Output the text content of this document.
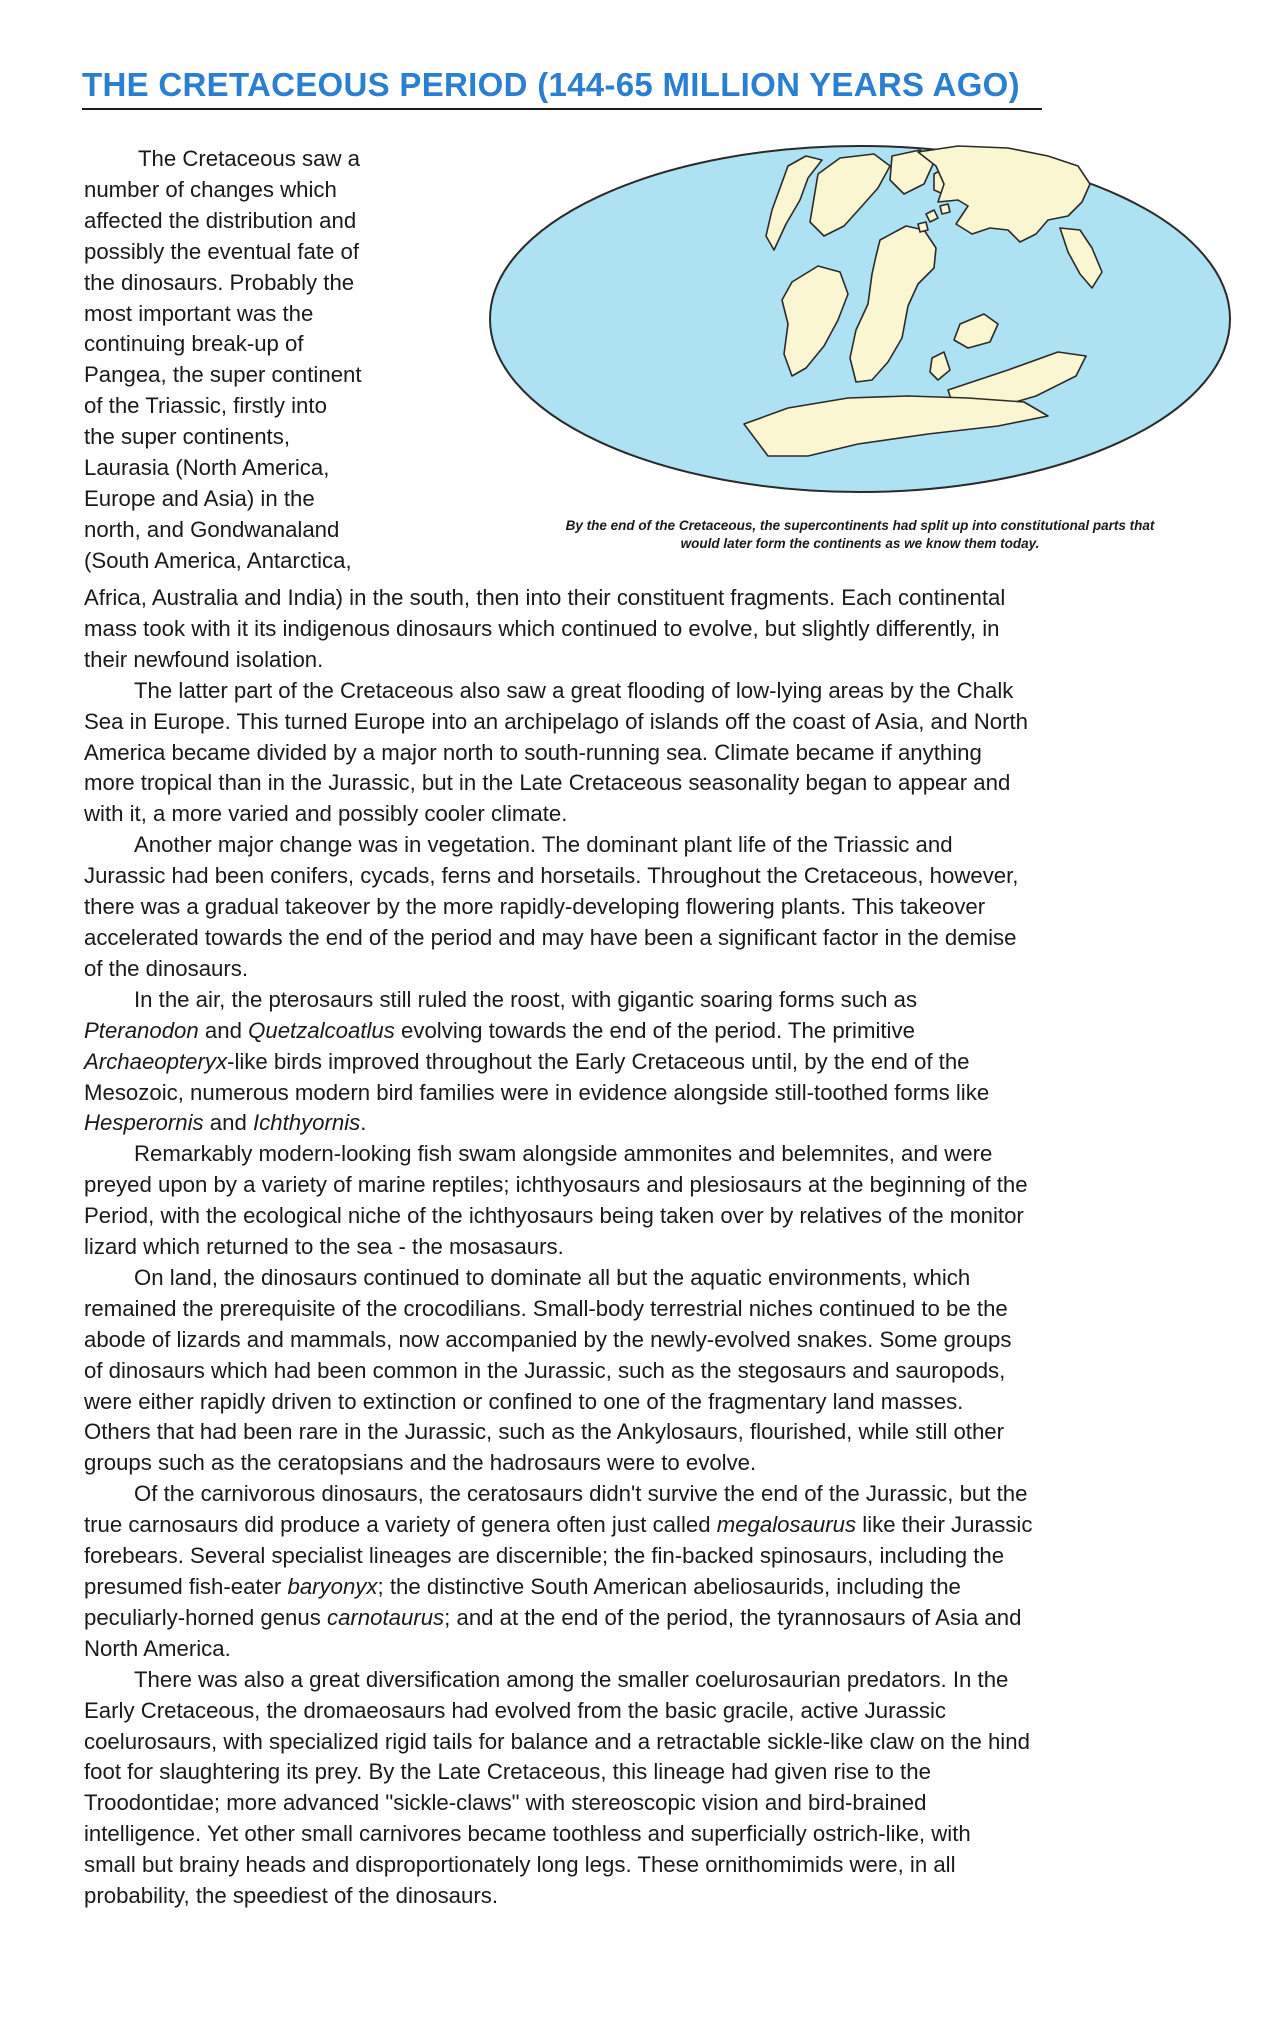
THE CRETACEOUS PERIOD (144-65 MILLION YEARS AGO)
By the end of the Cretaceous, the supercontinents had split up into constitutional parts that
would later form the continents as we know them today.
The Cretaceous saw a
number of changes which
affected the distribution and
possibly the eventual fate of
the dinosaurs. Probably the
most important was the
continuing break-up of
Pangea, the super continent
of the Triassic, firstly into
the super continents,
Laurasia (North America,
Europe and Asia) in the
north, and Gondwanaland
(South America, Antarctica,
Africa, Australia and India) in the south, then into their constituent fragments. Each continental
mass took with it its indigenous dinosaurs which continued to evolve, but slightly differently, in
their newfound isolation.
The latter part of the Cretaceous also saw a great flooding of low-lying areas by the Chalk
Sea in Europe. This turned Europe into an archipelago of islands off the coast of Asia, and North
America became divided by a major north to south-running sea. Climate became if anything
more tropical than in the Jurassic, but in the Late Cretaceous seasonality began to appear and
with it, a more varied and possibly cooler climate.
Another major change was in vegetation. The dominant plant life of the Triassic and
Jurassic had been conifers, cycads, ferns and horsetails. Throughout the Cretaceous, however,
there was a gradual takeover by the more rapidly-developing flowering plants. This takeover
accelerated towards the end of the period and may have been a significant factor in the demise
of the dinosaurs.
In the air, the pterosaurs still ruled the roost, with gigantic soaring forms such as
Pteranodon and Quetzalcoatlus evolving towards the end of the period. The primitive
Archaeopteryx-like birds improved throughout the Early Cretaceous until, by the end of the
Mesozoic, numerous modern bird families were in evidence alongside still-toothed forms like
Hesperornis and Ichthyornis.
Remarkably modern-looking fish swam alongside ammonites and belemnites, and were
preyed upon by a variety of marine reptiles; ichthyosaurs and plesiosaurs at the beginning of the
Period, with the ecological niche of the ichthyosaurs being taken over by relatives of the monitor
lizard which returned to the sea - the mosasaurs.
On land, the dinosaurs continued to dominate all but the aquatic environments, which
remained the prerequisite of the crocodilians. Small-body terrestrial niches continued to be the
abode of lizards and mammals, now accompanied by the newly-evolved snakes. Some groups
of dinosaurs which had been common in the Jurassic, such as the stegosaurs and sauropods,
were either rapidly driven to extinction or confined to one of the fragmentary land masses.
Others that had been rare in the Jurassic, such as the Ankylosaurs, flourished, while still other
groups such as the ceratopsians and the hadrosaurs were to evolve.
Of the carnivorous dinosaurs, the ceratosaurs didn't survive the end of the Jurassic, but the
true carnosaurs did produce a variety of genera often just called megalosaurus like their Jurassic
forebears. Several specialist lineages are discernible; the fin-backed spinosaurs, including the
presumed fish-eater baryonyx; the distinctive South American abeliosaurids, including the
peculiarly-horned genus carnotaurus; and at the end of the period, the tyrannosaurs of Asia and
North America.
There was also a great diversification among the smaller coelurosaurian predators. In the
Early Cretaceous, the dromaeosaurs had evolved from the basic gracile, active Jurassic
coelurosaurs, with specialized rigid tails for balance and a retractable sickle-like claw on the hind
foot for slaughtering its prey. By the Late Cretaceous, this lineage had given rise to the
Troodontidae; more advanced "sickle-claws" with stereoscopic vision and bird-brained
intelligence. Yet other small carnivores became toothless and superficially ostrich-like, with
small but brainy heads and disproportionately long legs. These ornithomimids were, in all
probability, the speediest of the dinosaurs.
